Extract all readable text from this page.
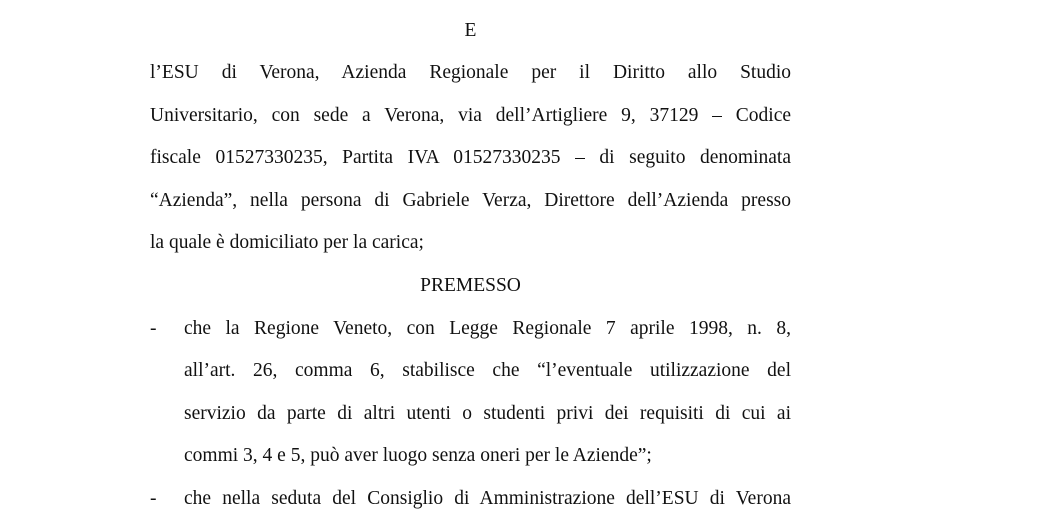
E
l’ESU di Verona, Azienda Regionale per il Diritto allo Studio
Universitario, con sede a Verona, via dell’Artigliere 9, 37129 – Codice
fiscale 01527330235, Partita IVA 01527330235 – di seguito denominata
“Azienda”, nella persona di Gabriele Verza, Direttore dell’Azienda presso
la quale è domiciliato per la carica;
PREMESSO
- che la Regione Veneto, con Legge Regionale 7 aprile 1998, n. 8,
all’art. 26, comma 6, stabilisce che “l’eventuale utilizzazione del
servizio da parte di altri utenti o studenti privi dei requisiti di cui ai
commi 3, 4 e 5, può aver luogo senza oneri per le Aziende”;
- che nella seduta del Consiglio di Amministrazione dell’ESU di Verona
